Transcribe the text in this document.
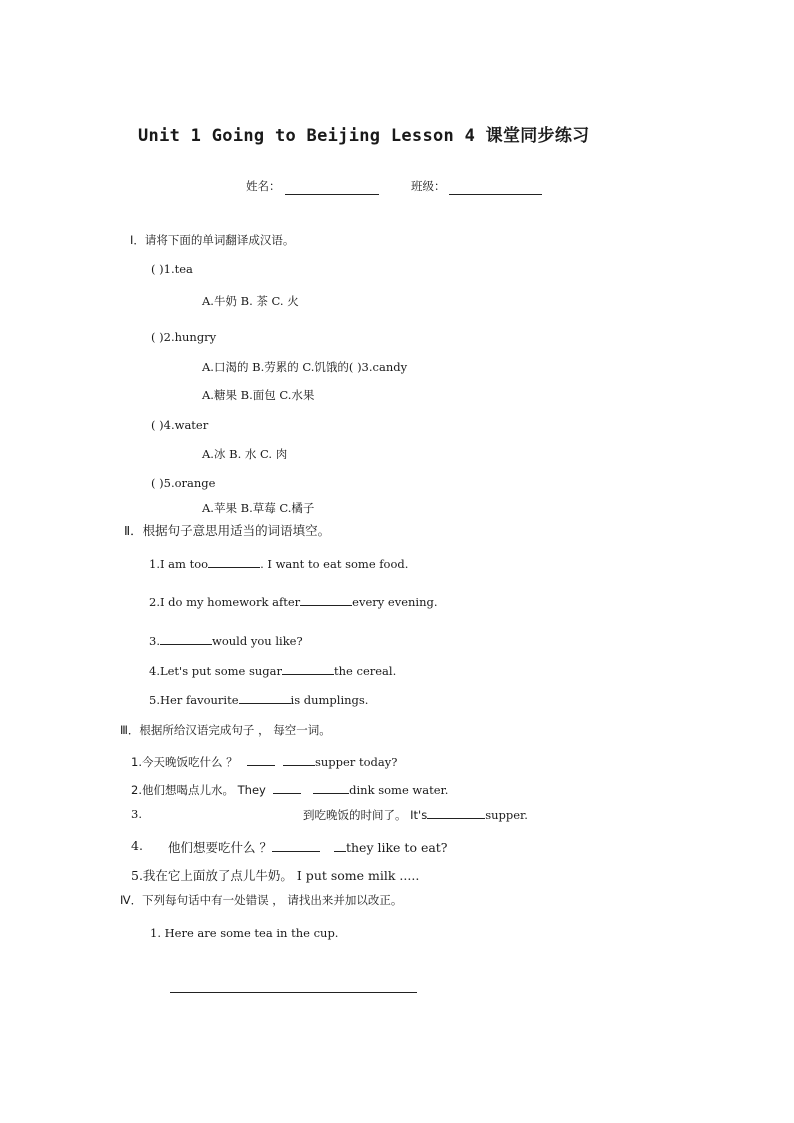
Unit 1 Going to Beijing Lesson 4 课堂同步练习
姓名：	班级：
Ⅰ．请将下面的单词翻译成汉语。
( )1.tea
A.牛奶 B. 茶 C. 火
( )2.hungry
A.口渴的 B.劳累的 C.饥饿的( )3.candy
A.糖果 B.面包 C.水果
( )4.water
A.冰 B. 水 C. 肉
( )5.orange
A.苹果 B.草莓 C.橘子
Ⅱ．根据句子意思用适当的词语填空。
1.I am too	. I want to eat some food.
2.I do my homework after	every evening.
3.	would you like?
4.Let's put some sugar	the cereal.
5.Her favourite	is dumplings.
Ⅲ．根据所给汉语完成句子 ， 每空一词。
1.今天晚饭吃什么 ？	supper today?
2.他们想喝点儿水。 They	dink some water.
3.	到吃晚饭的时间了。 It's	supper.
4. 他们想要吃什么 ？	they like to eat?
5.我在它上面放了点儿牛奶。 I put some milk .....
Ⅳ．下列每句话中有一处错误 ， 请找出来并加以改正。
1. Here are some tea in the cup.
